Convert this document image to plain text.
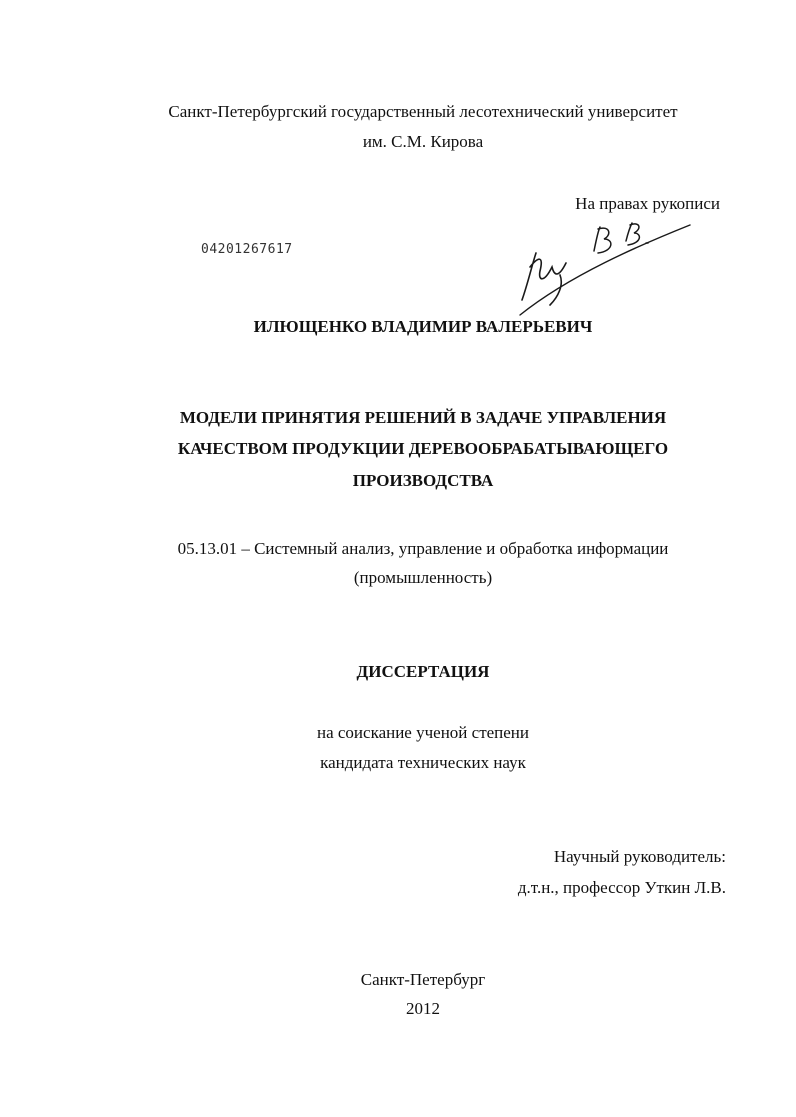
Санкт-Петербургский государственный лесотехнический университет
им. С.М. Кирова
На правах рукописи
04201267617
ИЛЮЩЕНКО ВЛАДИМИР ВАЛЕРЬЕВИЧ
МОДЕЛИ ПРИНЯТИЯ РЕШЕНИЙ В ЗАДАЧЕ УПРАВЛЕНИЯ
КАЧЕСТВОМ ПРОДУКЦИИ ДЕРЕВООБРАБАТЫВАЮЩЕГО
ПРОИЗВОДСТВА
05.13.01 – Системный анализ, управление и обработка информации
(промышленность)
ДИССЕРТАЦИЯ
на соискание ученой степени
кандидата технических наук
Научный руководитель:
д.т.н., профессор Уткин Л.В.
Санкт-Петербург
2012
